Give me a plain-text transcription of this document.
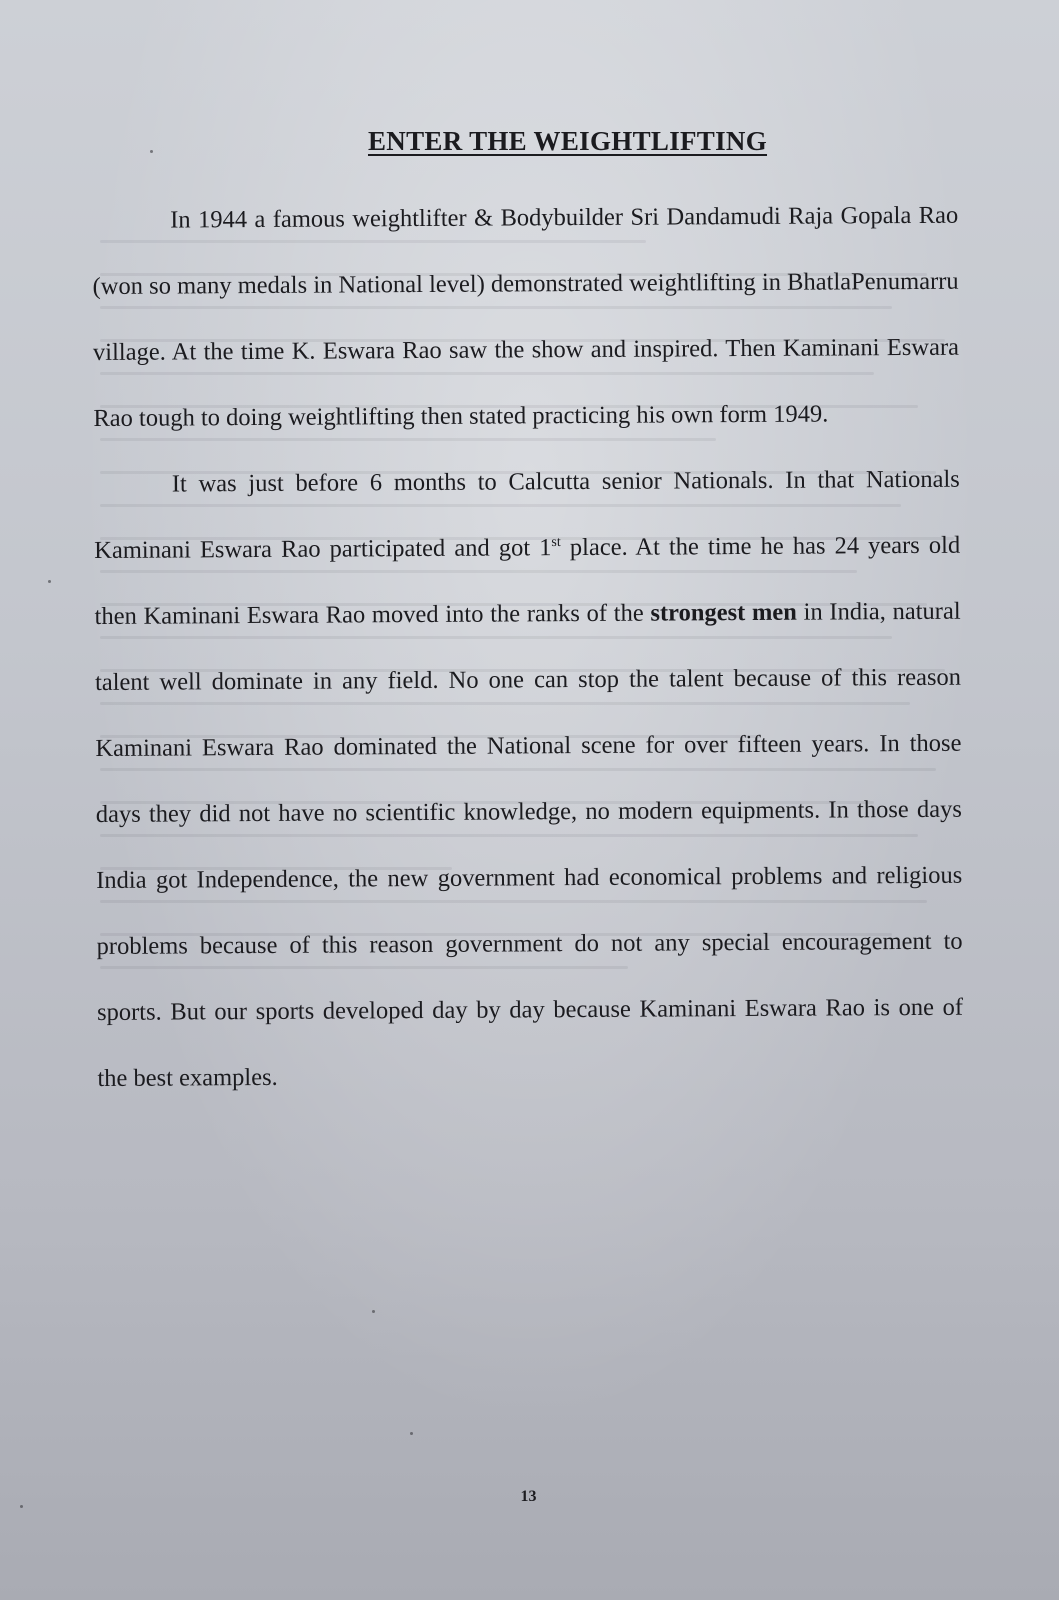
ENTER THE WEIGHTLIFTING

In 1944 a famous weightlifter & Bodybuilder Sri Dandamudi Raja Gopala Rao (won so many medals in National level) demonstrated weightlifting in BhatlaPenumarru village. At the time K. Eswara Rao saw the show and inspired. Then Kaminani Eswara Rao tough to doing weightlifting then stated practicing his own form 1949.

It was just before 6 months to Calcutta senior Nationals. In that Nationals Kaminani Eswara Rao participated and got 1st place. At the time he has 24 years old then Kaminani Eswara Rao moved into the ranks of the strongest men in India, natural talent well dominate in any field. No one can stop the talent because of this reason Kaminani Eswara Rao dominated the National scene for over fifteen years. In those days they did not have no scientific knowledge, no modern equipments. In those days India got Independence, the new government had economical problems and religious problems because of this reason government do not any special encouragement to sports. But our sports developed day by day because Kaminani Eswara Rao is one of the best examples.

13
